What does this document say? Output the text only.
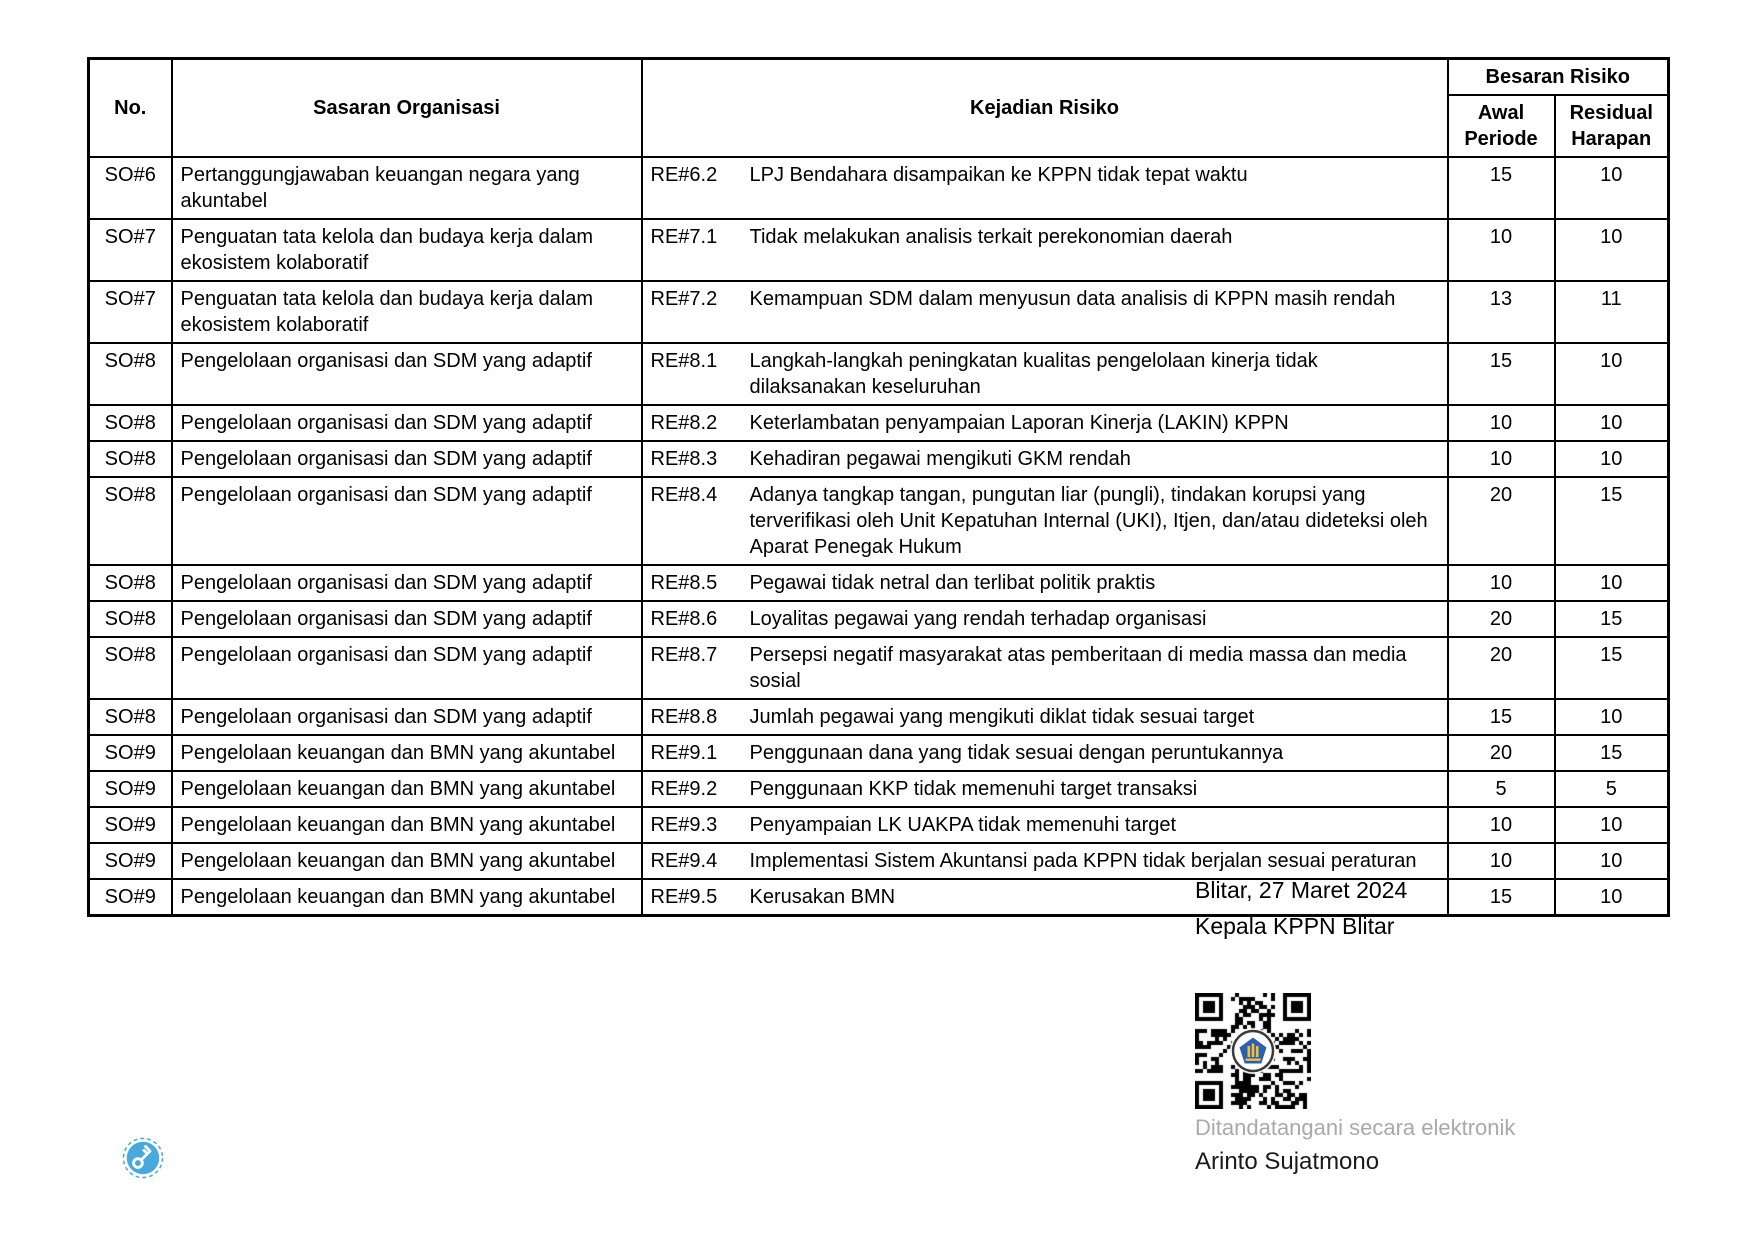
No.	Sasaran Organisasi	Kejadian Risiko		Besaran Risiko	
				Awal Periode	Residual Harapan
SO#6	Pertanggungjawaban keuangan negara yang akuntabel	RE#6.2	LPJ Bendahara disampaikan ke KPPN tidak tepat waktu	15	10
SO#7	Penguatan tata kelola dan budaya kerja dalam ekosistem kolaboratif	RE#7.1	Tidak melakukan analisis terkait perekonomian daerah	10	10
SO#7	Penguatan tata kelola dan budaya kerja dalam ekosistem kolaboratif	RE#7.2	Kemampuan SDM dalam menyusun data analisis di KPPN masih rendah	13	11
SO#8	Pengelolaan organisasi dan SDM yang adaptif	RE#8.1	Langkah-langkah peningkatan kualitas pengelolaan kinerja tidak dilaksanakan keseluruhan	15	10
SO#8	Pengelolaan organisasi dan SDM yang adaptif	RE#8.2	Keterlambatan penyampaian Laporan Kinerja (LAKIN) KPPN	10	10
SO#8	Pengelolaan organisasi dan SDM yang adaptif	RE#8.3	Kehadiran pegawai mengikuti GKM rendah	10	10
SO#8	Pengelolaan organisasi dan SDM yang adaptif	RE#8.4	Adanya tangkap tangan, pungutan liar (pungli), tindakan korupsi yang terverifikasi oleh Unit Kepatuhan Internal (UKI), Itjen, dan/atau dideteksi oleh Aparat Penegak Hukum	20	15
SO#8	Pengelolaan organisasi dan SDM yang adaptif	RE#8.5	Pegawai tidak netral dan terlibat politik praktis	10	10
SO#8	Pengelolaan organisasi dan SDM yang adaptif	RE#8.6	Loyalitas pegawai yang rendah terhadap organisasi	20	15
SO#8	Pengelolaan organisasi dan SDM yang adaptif	RE#8.7	Persepsi negatif masyarakat atas pemberitaan di media massa dan media sosial	20	15
SO#8	Pengelolaan organisasi dan SDM yang adaptif	RE#8.8	Jumlah pegawai yang mengikuti diklat tidak sesuai target	15	10
SO#9	Pengelolaan keuangan dan BMN yang akuntabel	RE#9.1	Penggunaan dana yang tidak sesuai dengan peruntukannya	20	15
SO#9	Pengelolaan keuangan dan BMN yang akuntabel	RE#9.2	Penggunaan KKP tidak memenuhi target transaksi	5	5
SO#9	Pengelolaan keuangan dan BMN yang akuntabel	RE#9.3	Penyampaian LK UAKPA tidak memenuhi target	10	10
SO#9	Pengelolaan keuangan dan BMN yang akuntabel	RE#9.4	Implementasi Sistem Akuntansi pada KPPN tidak berjalan sesuai peraturan	10	10
SO#9	Pengelolaan keuangan dan BMN yang akuntabel	RE#9.5	Kerusakan BMN	15	10
Blitar, 27 Maret 2024
Kepala KPPN Blitar
Ditandatangani secara elektronik
Arinto Sujatmono
